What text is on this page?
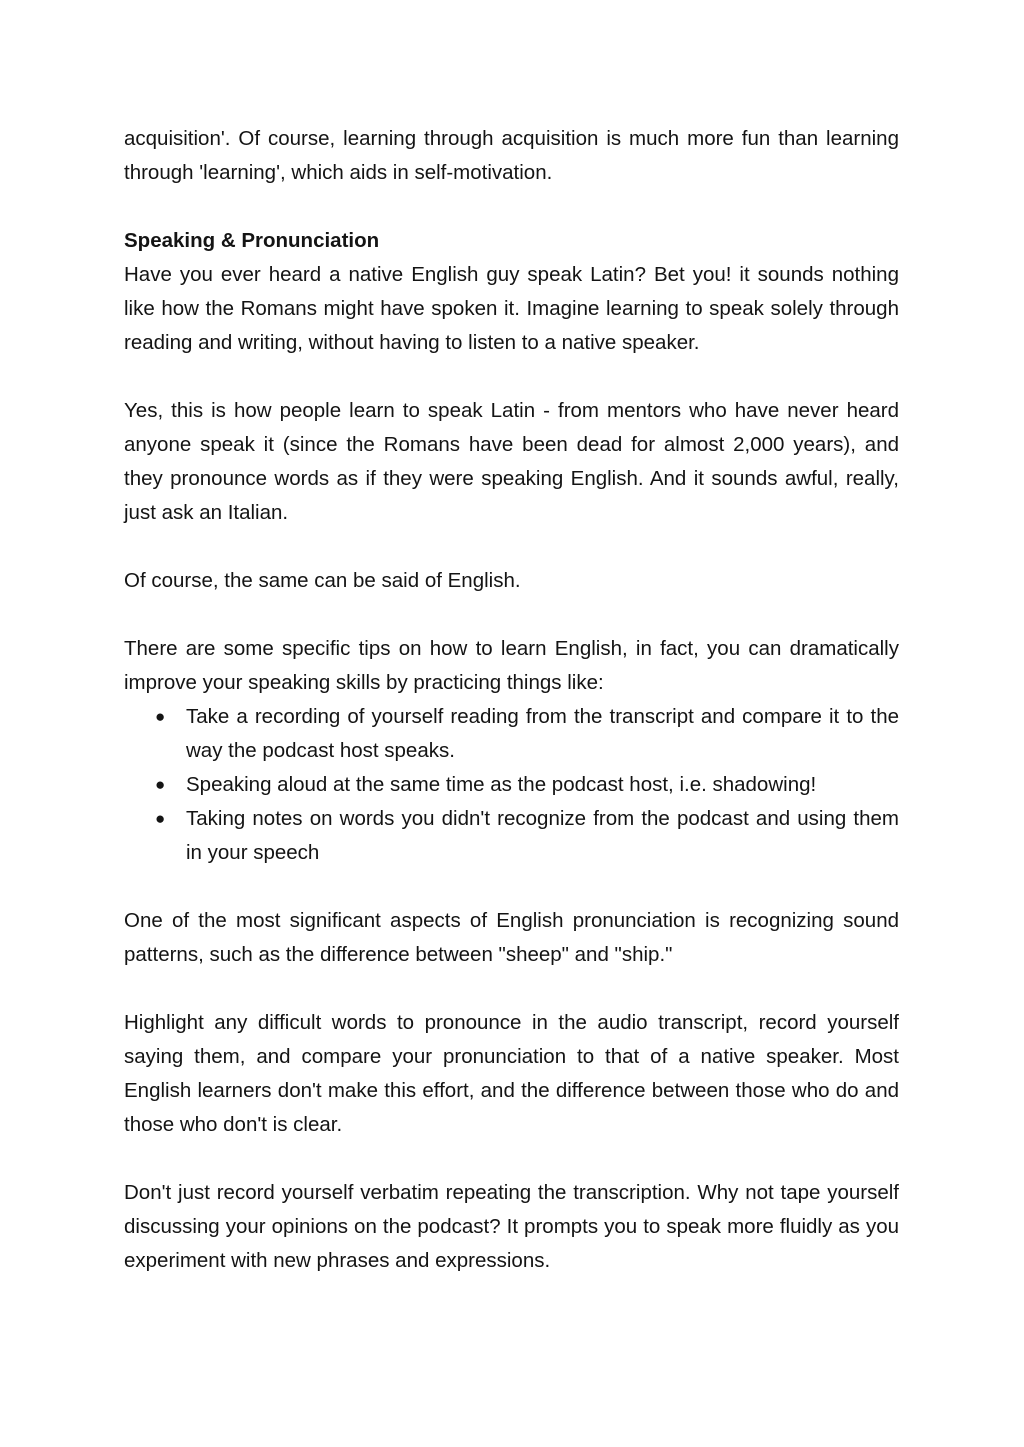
acquisition'. Of course, learning through acquisition is much more fun than learning through 'learning', which aids in self-motivation.

Speaking & Pronunciation

Have you ever heard a native English guy speak Latin? Bet you! it sounds nothing like how the Romans might have spoken it. Imagine learning to speak solely through reading and writing, without having to listen to a native speaker.

Yes, this is how people learn to speak Latin - from mentors who have never heard anyone speak it (since the Romans have been dead for almost 2,000 years), and they pronounce words as if they were speaking English. And it sounds awful, really, just ask an Italian.

Of course, the same can be said of English.

There are some specific tips on how to learn English, in fact, you can dramatically improve your speaking skills by practicing things like:

● Take a recording of yourself reading from the transcript and compare it to the way the podcast host speaks.
● Speaking aloud at the same time as the podcast host, i.e. shadowing!
● Taking notes on words you didn't recognize from the podcast and using them in your speech

One of the most significant aspects of English pronunciation is recognizing sound patterns, such as the difference between "sheep" and "ship."

Highlight any difficult words to pronounce in the audio transcript, record yourself saying them, and compare your pronunciation to that of a native speaker. Most English learners don't make this effort, and the difference between those who do and those who don't is clear.

Don't just record yourself verbatim repeating the transcription. Why not tape yourself discussing your opinions on the podcast? It prompts you to speak more fluidly as you experiment with new phrases and expressions.
